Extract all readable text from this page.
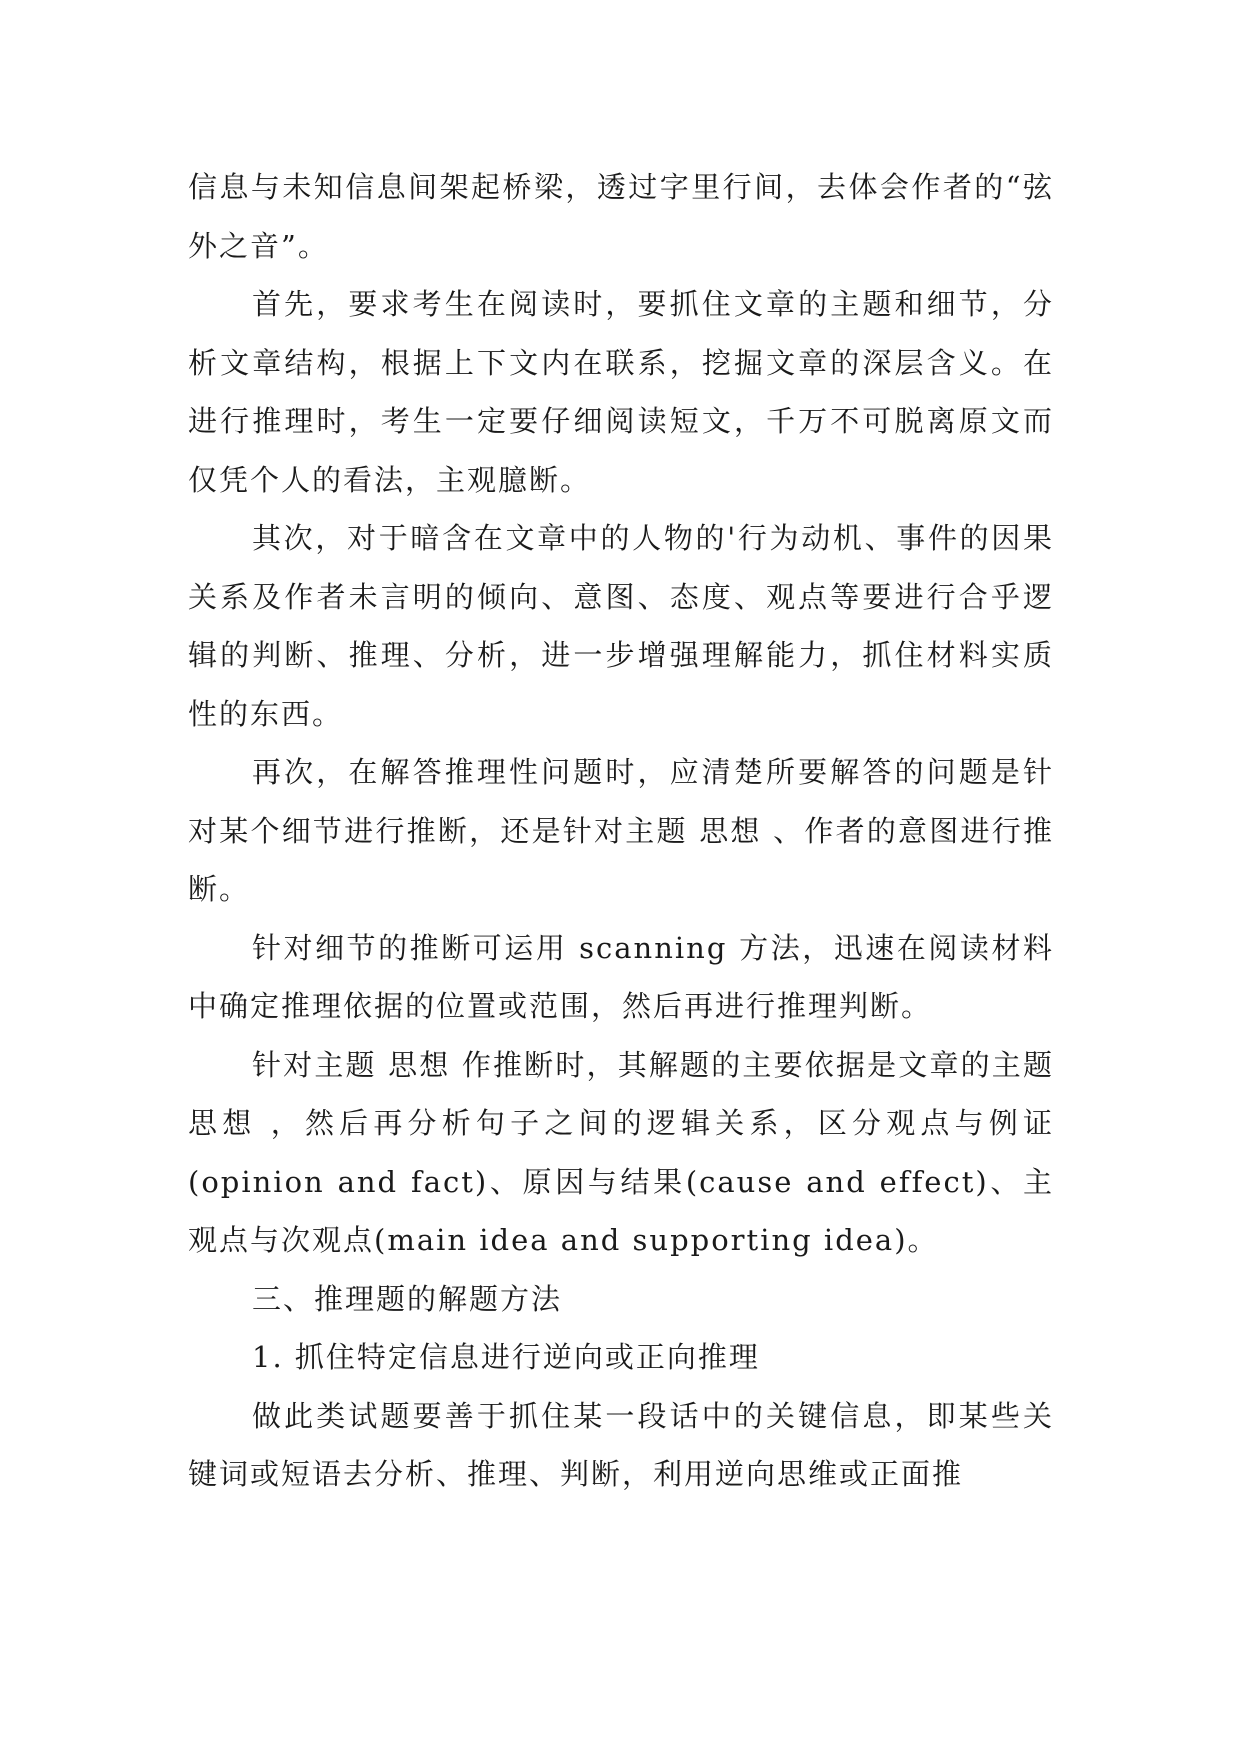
信息与未知信息间架起桥梁，透过字里行间，去体会作者的“弦外之音”。

首先，要求考生在阅读时，要抓住文章的主题和细节，分析文章结构，根据上下文内在联系，挖掘文章的深层含义。在进行推理时，考生一定要仔细阅读短文，千万不可脱离原文而仅凭个人的看法，主观臆断。

其次，对于暗含在文章中的人物的'行为动机、事件的因果关系及作者未言明的倾向、意图、态度、观点等要进行合乎逻辑的判断、推理、分析，进一步增强理解能力，抓住材料实质性的东西。

再次，在解答推理性问题时，应清楚所要解答的问题是针对某个细节进行推断，还是针对主题 思想 、作者的意图进行推断。

针对细节的推断可运用 scanning 方法，迅速在阅读材料中确定推理依据的位置或范围，然后再进行推理判断。

针对主题 思想 作推断时，其解题的主要依据是文章的主题 思想 ，然后再分析句子之间的逻辑关系，区分观点与例证(opinion and fact)、原因与结果(cause and effect)、主观点与次观点(main idea and supporting idea)。

三、推理题的解题方法

1. 抓住特定信息进行逆向或正向推理

做此类试题要善于抓住某一段话中的关键信息，即某些关键词或短语去分析、推理、判断，利用逆向思维或正面推
